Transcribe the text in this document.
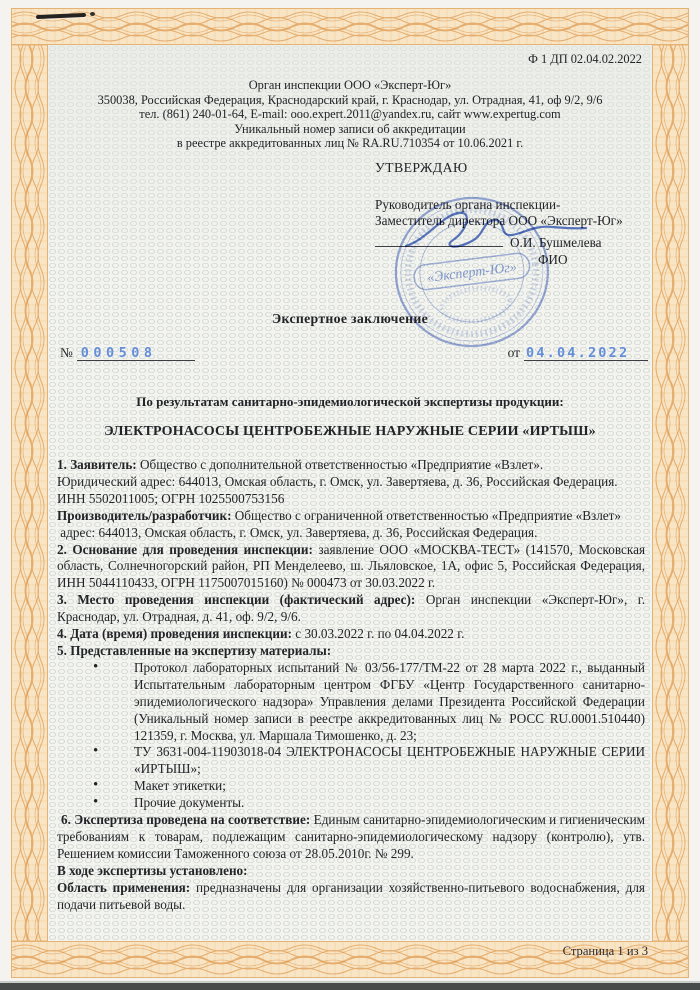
Ф 1 ДП 02.04.02.2022
Орган инспекции ООО «Эксперт-Юг»
350038, Российская Федерация, Краснодарский край, г. Краснодар, ул. Отрадная, 41, оф 9/2, 9/6
тел. (861) 240-01-64, E-mail: ooo.expert.2011@yandex.ru, сайт www.expertug.com
Уникальный номер записи об аккредитации
в реестре аккредитованных лиц № RA.RU.710354 от 10.06.2021 г.
УТВЕРЖДАЮ
Руководитель органа инспекции-
Заместитель директора ООО «Эксперт-Юг»
О.И. Бушмелева
ФИО
«Эксперт-Юг»
Экспертное заключение
№ 000508	от 04.04.2022
По результатам санитарно-эпидемиологической экспертизы продукции:
ЭЛЕКТРОНАСОСЫ ЦЕНТРОБЕЖНЫЕ НАРУЖНЫЕ СЕРИИ «ИРТЫШ»

1. Заявитель: Общество с дополнительной ответственностью «Предприятие «Взлет».

Юридический адрес: 644013, Омская область, г. Омск, ул. Завертяева, д. 36, Российская Федерация.

ИНН 5502011005; ОГРН 1025500753156

Производитель/разработчик: Общество с ограниченной ответственностью «Предприятие «Взлет»

адрес: 644013, Омская область, г. Омск, ул. Завертяева, д. 36, Российская Федерация.

2. Основание для проведения инспекции: заявление ООО «МОСКВА-ТЕСТ» (141570, Московская область, Солнечногорский район, РП Менделеево, ш. Льяловское, 1А, офис 5, Российская Федерация, ИНН 5044110433, ОГРН 1175007015160) № 000473 от 30.03.2022 г.

3. Место проведения инспекции (фактический адрес): Орган инспекции «Эксперт-Юг», г. Краснодар, ул. Отрадная, д. 41, оф. 9/2, 9/6.

4. Дата (время) проведения инспекции: с 30.03.2022 г. по 04.04.2022 г.

5. Представленные на экспертизу материалы:

• Протокол лабораторных испытаний № 03/56-177/ТМ-22 от 28 марта 2022 г., выданный Испытательным лабораторным центром ФГБУ «Центр Государственного санитарно-эпидемиологического надзора» Управления делами Президента Российской Федерации (Уникальный номер записи в реестре аккредитованных лиц № РОСС RU.0001.510440) 121359, г. Москва, ул. Маршала Тимошенко, д. 23;
• ТУ 3631-004-11903018-04 ЭЛЕКТРОНАСОСЫ ЦЕНТРОБЕЖНЫЕ НАРУЖНЫЕ СЕРИИ «ИРТЫШ»;
• Макет этикетки;
• Прочие документы.

6. Экспертиза проведена на соответствие: Единым санитарно-эпидемиологическим и гигиеническим требованиям к товарам, подлежащим санитарно-эпидемиологическому надзору (контролю), утв. Решением комиссии Таможенного союза от 28.05.2010г. № 299.

В ходе экспертизы установлено:

Область применения: предназначены для организации хозяйственно-питьевого водоснабжения, для подачи питьевой воды.

Страница 1 из 3
